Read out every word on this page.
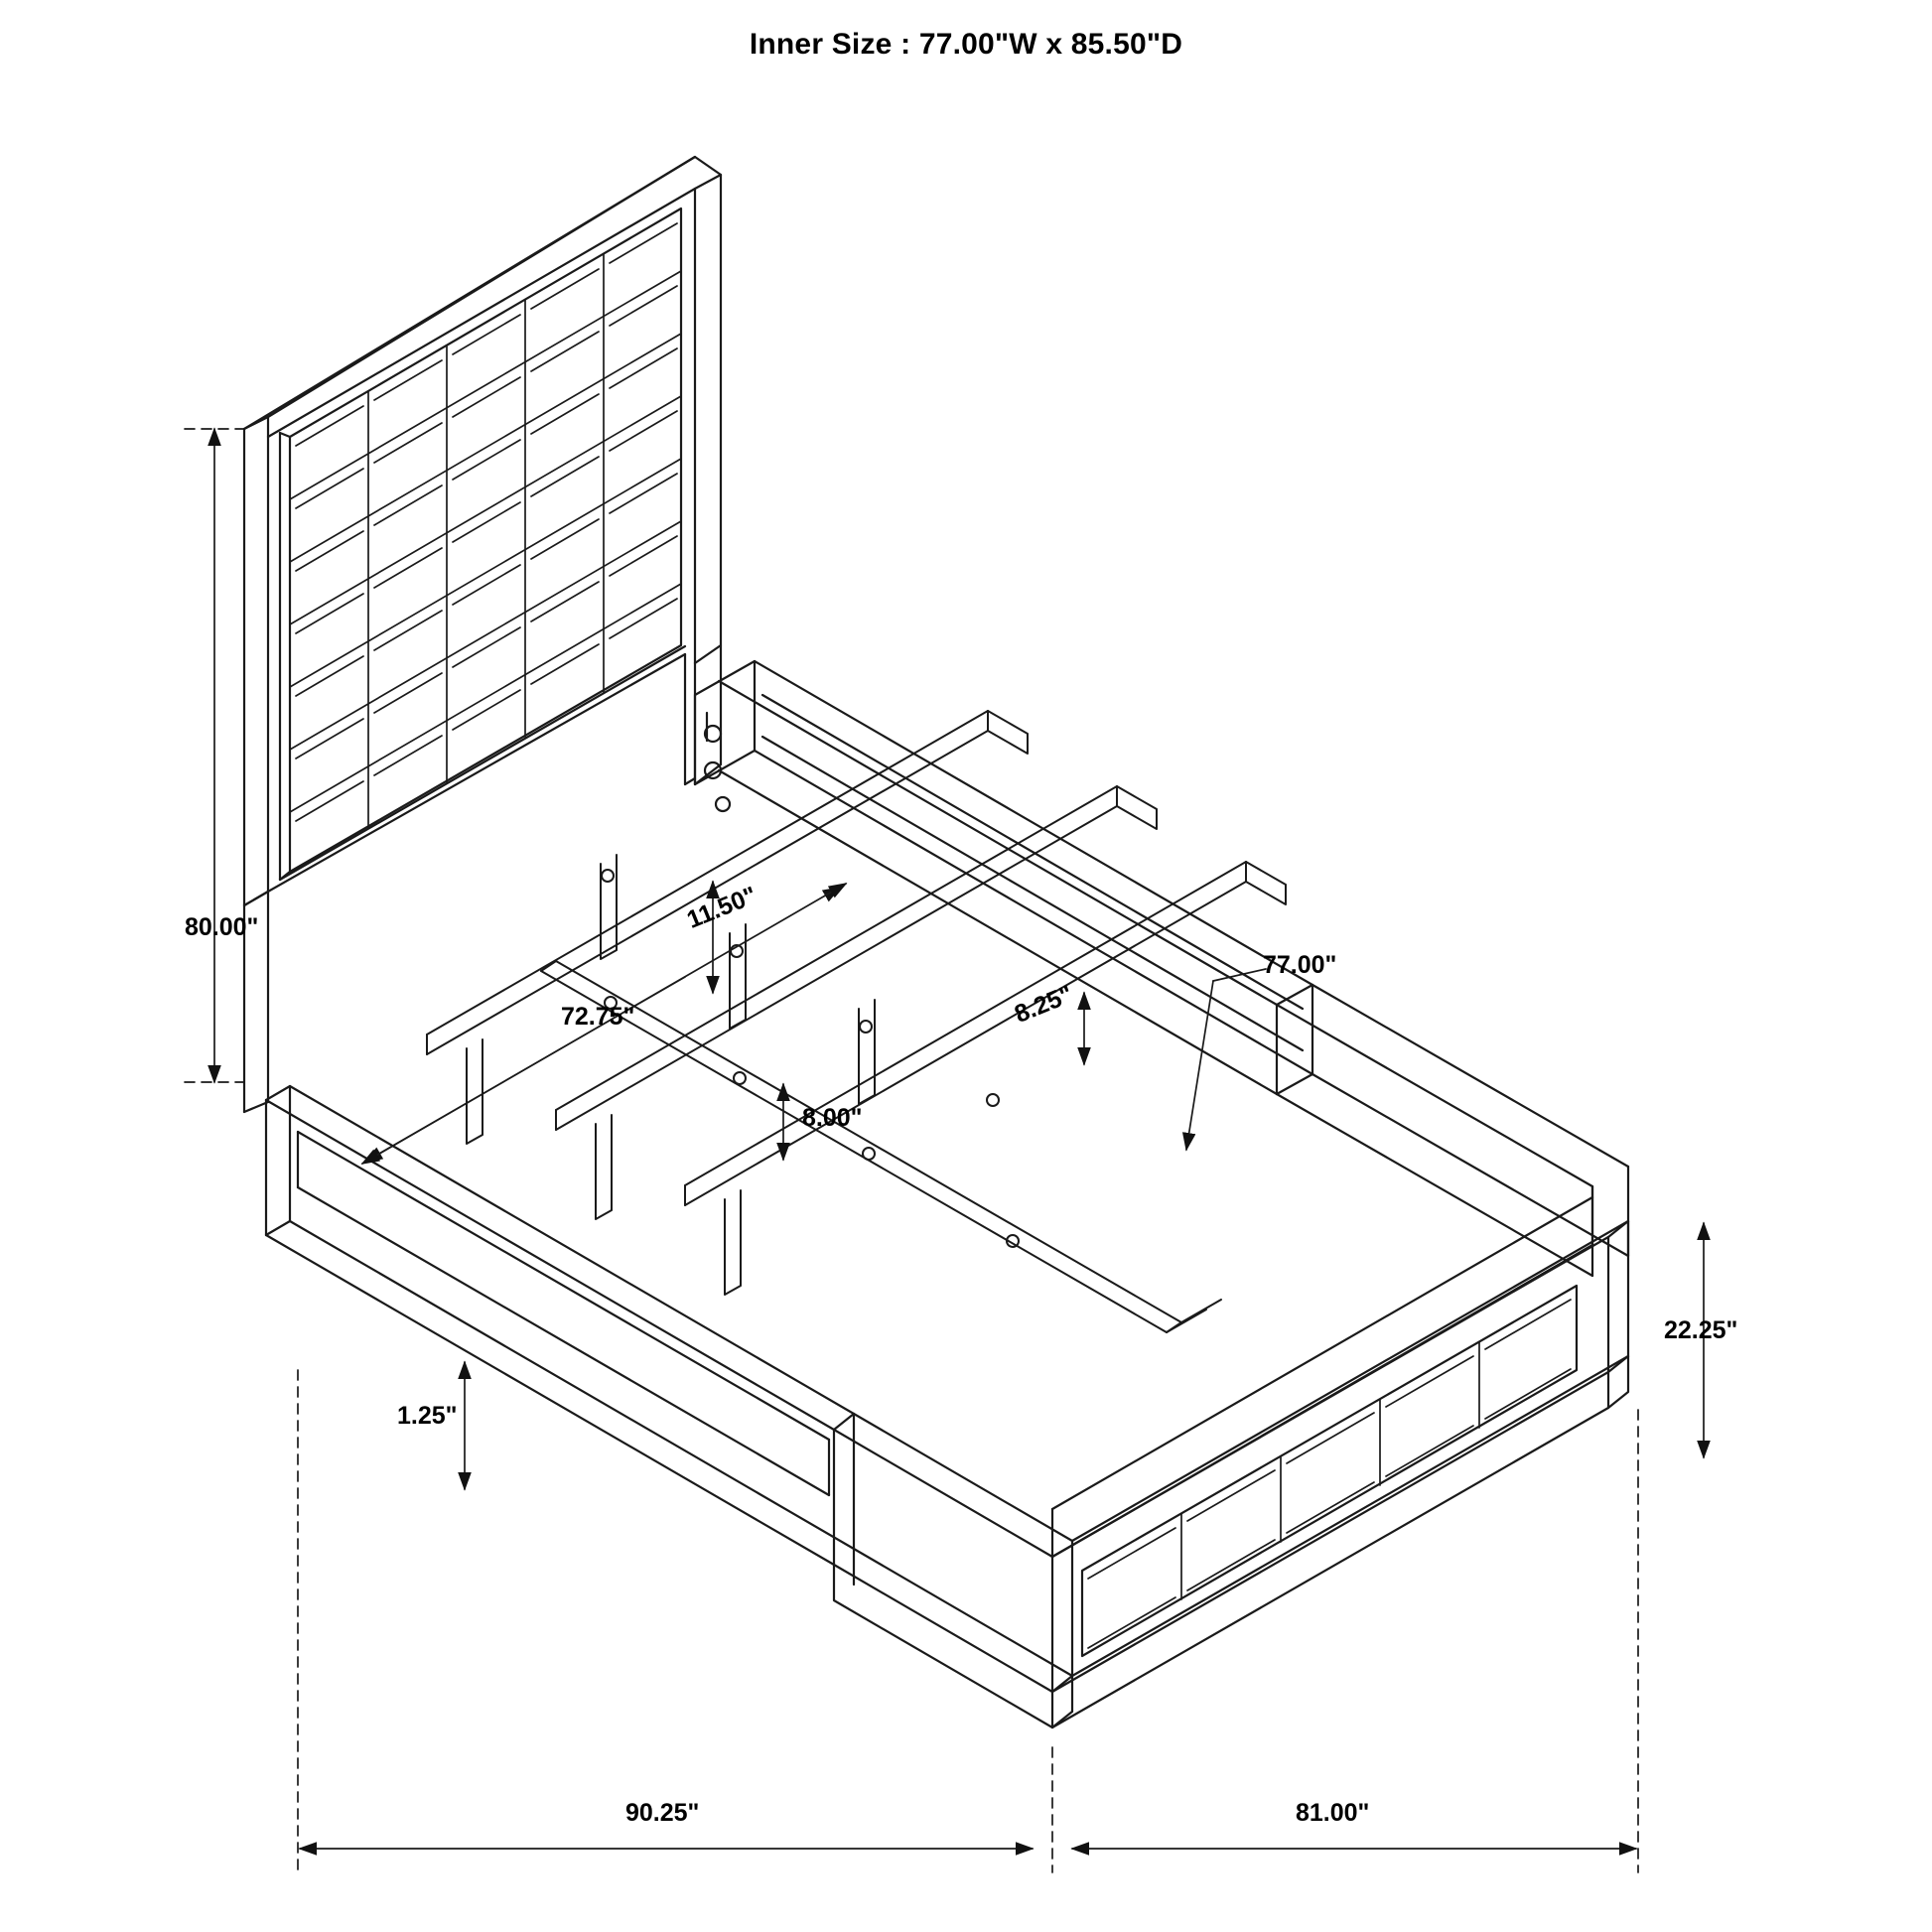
Inner Size : 77.00"W x 85.50"D
80.00"
72.75"
11.50"
8.25"
8.00"
77.00"
22.25"
1.25"
90.25"	81.00"
